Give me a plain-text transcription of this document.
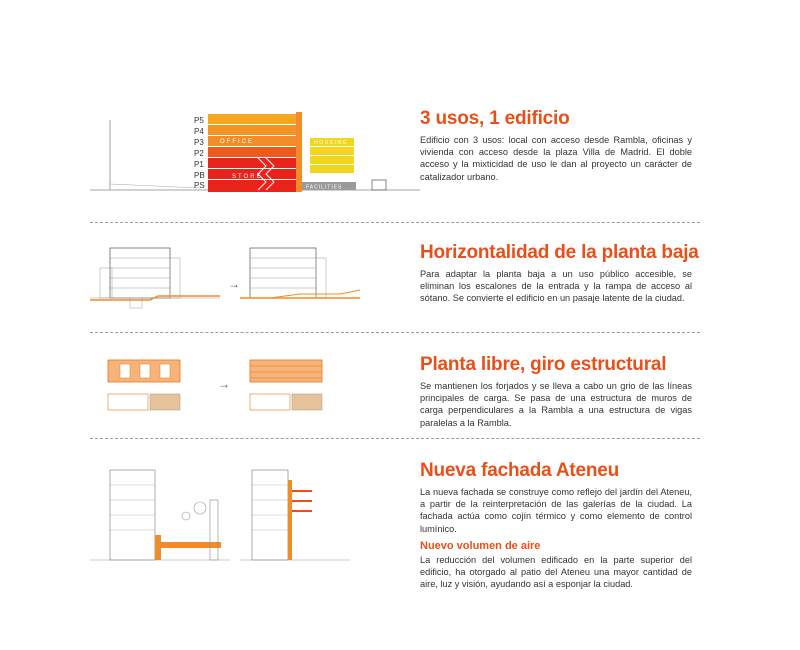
P5
P4
P3
P2
P1
PB
PS
OFFICE
STORE
HOUSING
FACILITIES
3 usos, 1 edificio

Edificio con 3 usos: local con acceso desde Rambla, oficinas y vivienda con acceso desde la plaza Villa de Madrid. El doble acceso y la mixticidad de uso le dan al proyecto un carácter de catalizador urbano.

→
Horizontalidad de la planta baja

Para adaptar la planta baja a un uso público accesible, se eliminan los escalones de la entrada y la rampa de acceso al sótano. Se convierte el edificio en un pasaje latente de la ciudad.

→
Planta libre, giro estructural

Se mantienen los forjados y se lleva a cabo un grio de las líneas principales de carga. Se pasa de una estructura de muros de carga perpendiculares a la Rambla a una estructura de vigas paralelas a la Rambla.

Nueva fachada Ateneu

La nueva fachada se construye como reflejo del jardín del Ateneu, a partir de la reinterpretación de las galerías de la ciudad. La fachada actúa como cojín térmico y como elemento de control lumínico.

Nuevo volumen de aire

La reducción del volumen edificado en la parte superior del edificio, ha otorgado al patio del Ateneu una mayor cantidad de aire, luz y visión, ayudando así a esponjar la ciudad.
